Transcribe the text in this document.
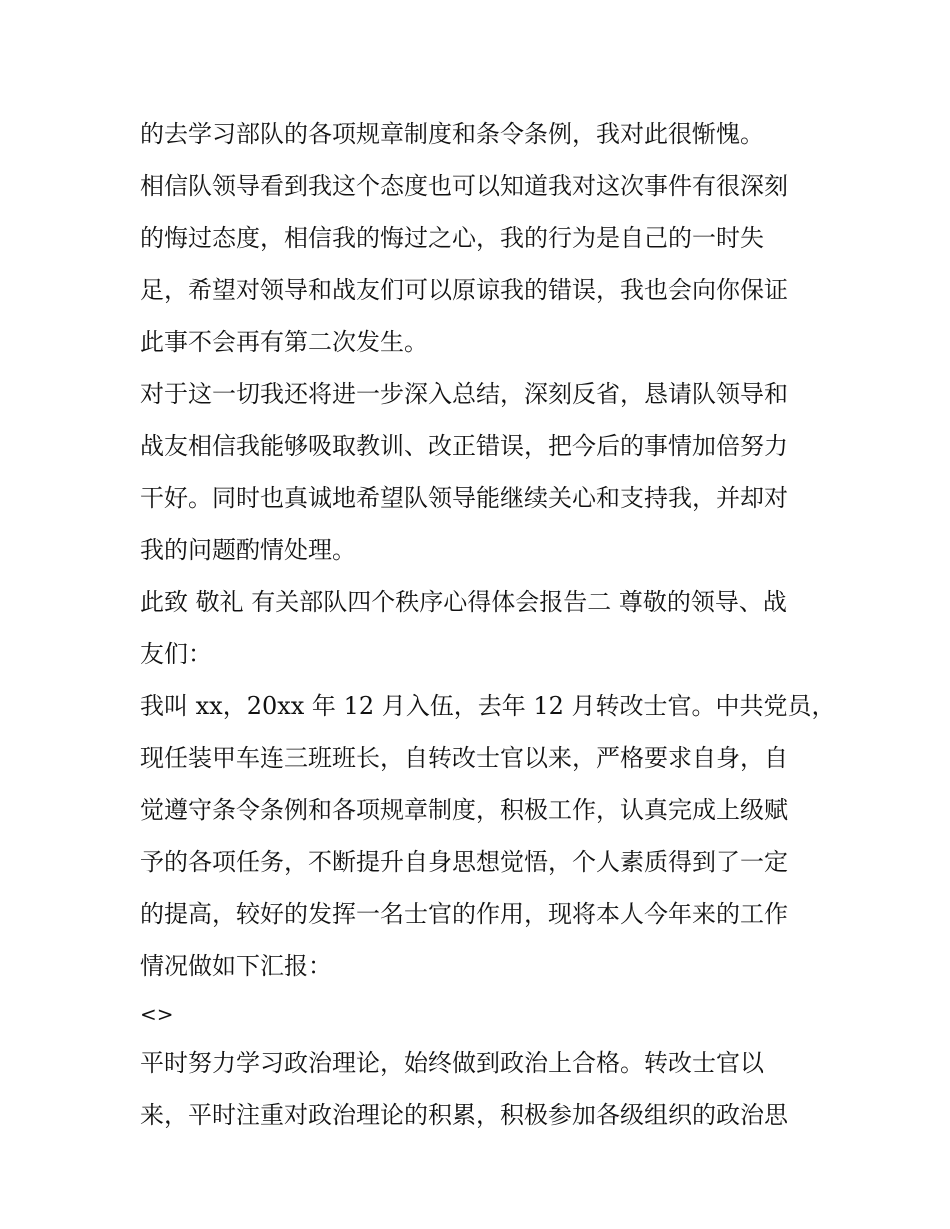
的去学习部队的各项规章制度和条令条例，我对此很惭愧。
相信队领导看到我这个态度也可以知道我对这次事件有很深刻
的悔过态度，相信我的悔过之心，我的行为是自己的一时失
足，希望对领导和战友们可以原谅我的错误，我也会向你保证
此事不会再有第二次发生。
对于这一切我还将进一步深入总结，深刻反省，恳请队领导和
战友相信我能够吸取教训、改正错误，把今后的事情加倍努力
干好。同时也真诚地希望队领导能继续关心和支持我，并却对
我的问题酌情处理。
此致 敬礼 有关部队四个秩序心得体会报告二 尊敬的领导、战
友们：
我叫 xx，20xx 年 12 月入伍，去年 12 月转改士官。中共党员，
现任装甲车连三班班长，自转改士官以来，严格要求自身，自
觉遵守条令条例和各项规章制度，积极工作，认真完成上级赋
予的各项任务，不断提升自身思想觉悟，个人素质得到了一定
的提高，较好的发挥一名士官的作用，现将本人今年来的工作
情况做如下汇报：
<>
平时努力学习政治理论，始终做到政治上合格。转改士官以
来，平时注重对政治理论的积累，积极参加各级组织的政治思
